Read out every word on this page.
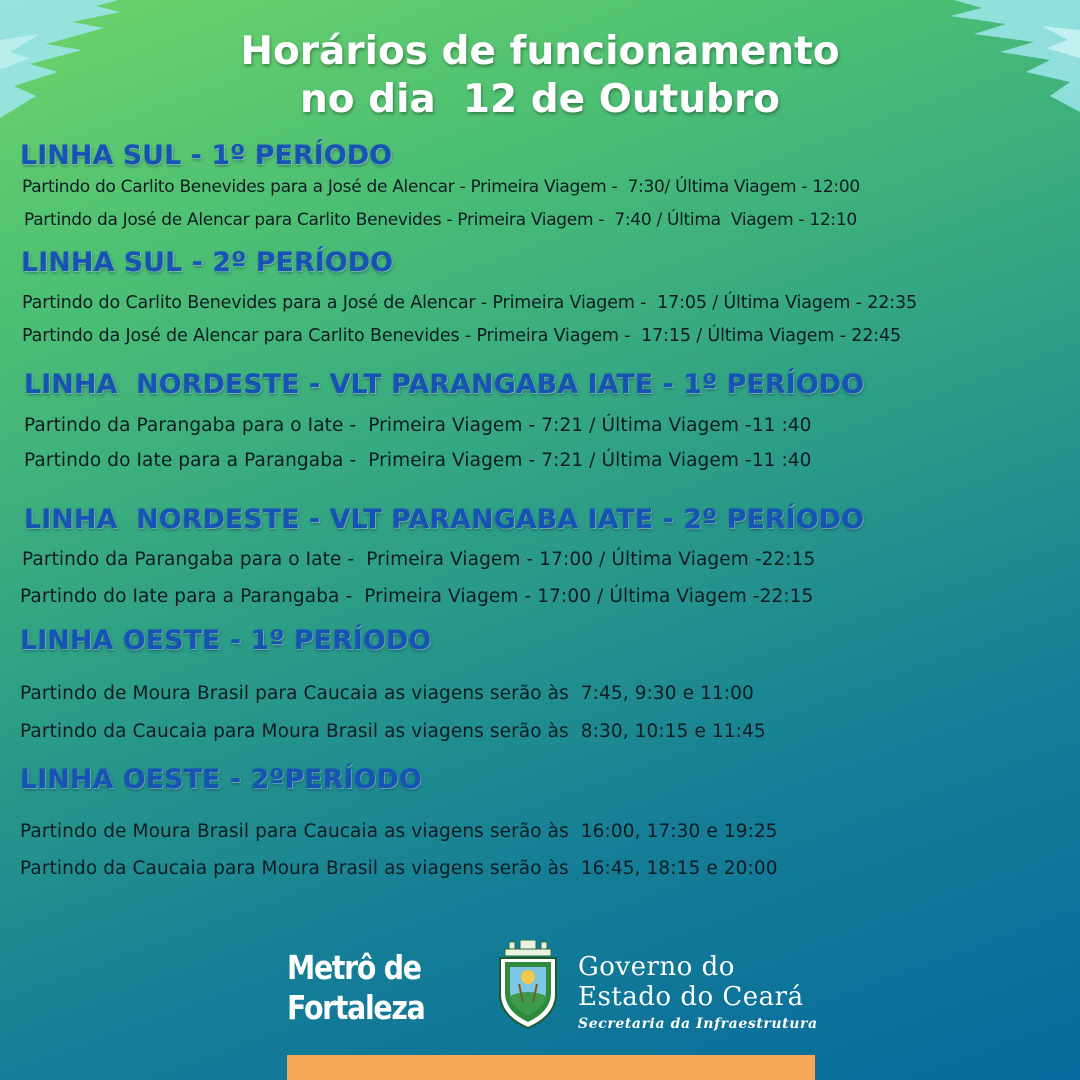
Horários de funcionamento
no dia  12 de Outubro
LINHA SUL - 1º PERÍODO
Partindo do Carlito Benevides para a José de Alencar - Primeira Viagem -  7:30/ Última Viagem - 12:00
Partindo da José de Alencar para Carlito Benevides - Primeira Viagem -  7:40 / Última  Viagem - 12:10
LINHA SUL - 2º PERÍODO
Partindo do Carlito Benevides para a José de Alencar - Primeira Viagem -  17:05 / Última Viagem - 22:35
Partindo da José de Alencar para Carlito Benevides - Primeira Viagem -  17:15 / Última Viagem - 22:45
LINHA  NORDESTE - VLT PARANGABA IATE - 1º PERÍODO
Partindo da Parangaba para o Iate -  Primeira Viagem - 7:21 / Última Viagem -11 :40
Partindo do Iate para a Parangaba -  Primeira Viagem - 7:21 / Última Viagem -11 :40
LINHA  NORDESTE - VLT PARANGABA IATE - 2º PERÍODO
Partindo da Parangaba para o Iate -  Primeira Viagem - 17:00 / Última Viagem -22:15
Partindo do Iate para a Parangaba -  Primeira Viagem - 17:00 / Última Viagem -22:15
LINHA OESTE - 1º PERÍODO
Partindo de Moura Brasil para Caucaia as viagens serão às  7:45, 9:30 e 11:00
Partindo da Caucaia para Moura Brasil as viagens serão às  8:30, 10:15 e 11:45
LINHA OESTE - 2ºPERÍODO
Partindo de Moura Brasil para Caucaia as viagens serão às  16:00, 17:30 e 19:25
Partindo da Caucaia para Moura Brasil as viagens serão às  16:45, 18:15 e 20:00
Metrô de
Fortaleza
Governo do
Estado do Ceará
Secretaria da Infraestrutura
